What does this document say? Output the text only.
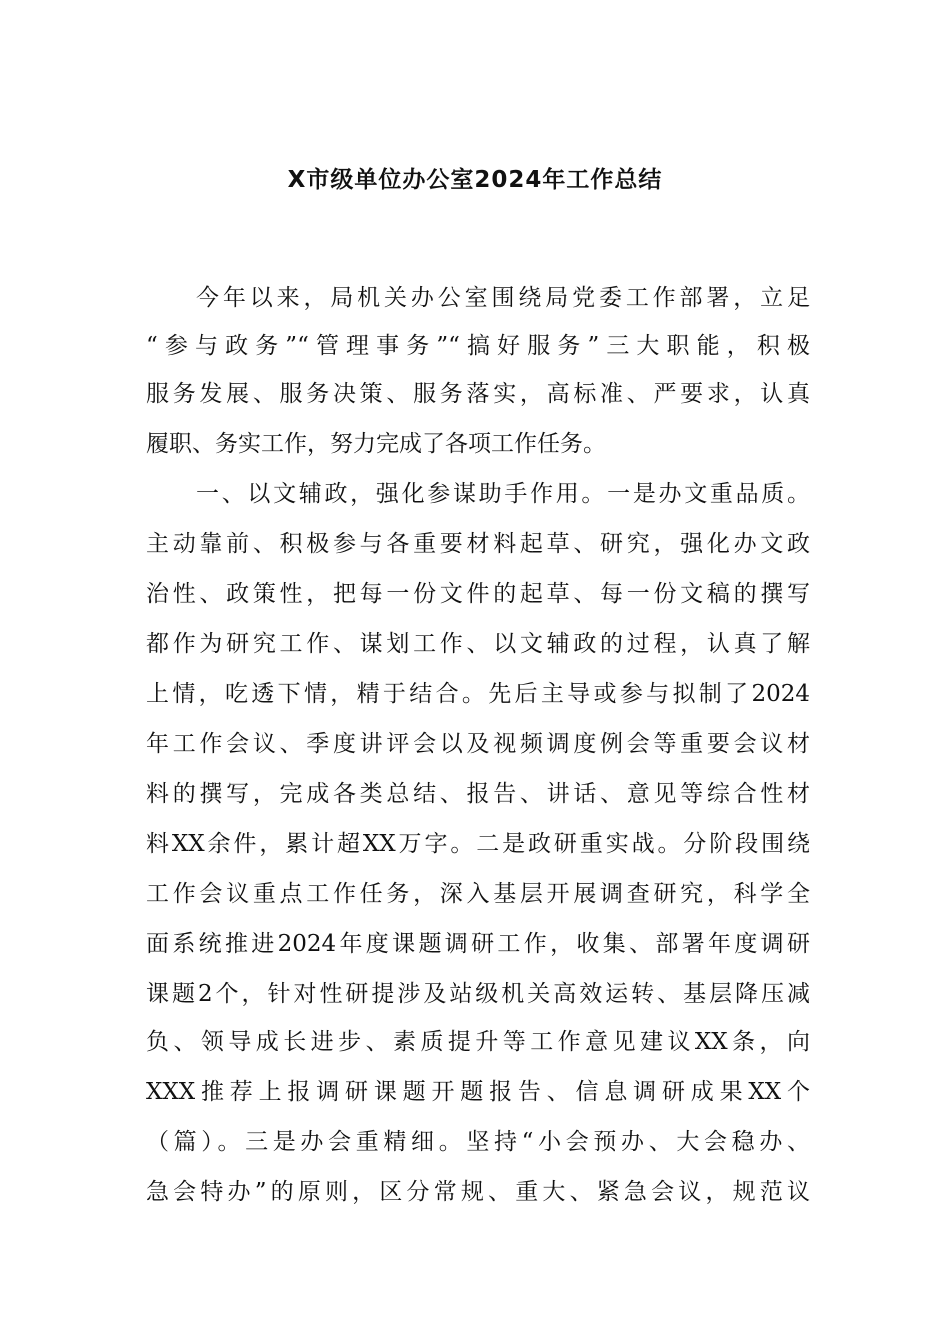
X市级单位办公室2024年工作总结
今年以来，局机关办公室围绕局党委工作部署，立足
“参与政务”“管理事务”“搞好服务”三大职能，积极
服务发展、服务决策、服务落实，高标准、严要求，认真
履职、务实工作，努力完成了各项工作任务。
一、以文辅政，强化参谋助手作用。一是办文重品质。
主动靠前、积极参与各重要材料起草、研究，强化办文政
治性、政策性，把每一份文件的起草、每一份文稿的撰写
都作为研究工作、谋划工作、以文辅政的过程，认真了解
上情，吃透下情，精于结合。先后主导或参与拟制了2024
年工作会议、季度讲评会以及视频调度例会等重要会议材
料的撰写，完成各类总结、报告、讲话、意见等综合性材
料XX余件，累计超XX万字。二是政研重实战。分阶段围绕
工作会议重点工作任务，深入基层开展调查研究，科学全
面系统推进2024年度课题调研工作，收集、部署年度调研
课题2个，针对性研提涉及站级机关高效运转、基层降压减
负、领导成长进步、素质提升等工作意见建议XX条，向
XXX推荐上报调研课题开题报告、信息调研成果XX个
（篇）。三是办会重精细。坚持“小会预办、大会稳办、
急会特办”的原则，区分常规、重大、紧急会议，规范议
